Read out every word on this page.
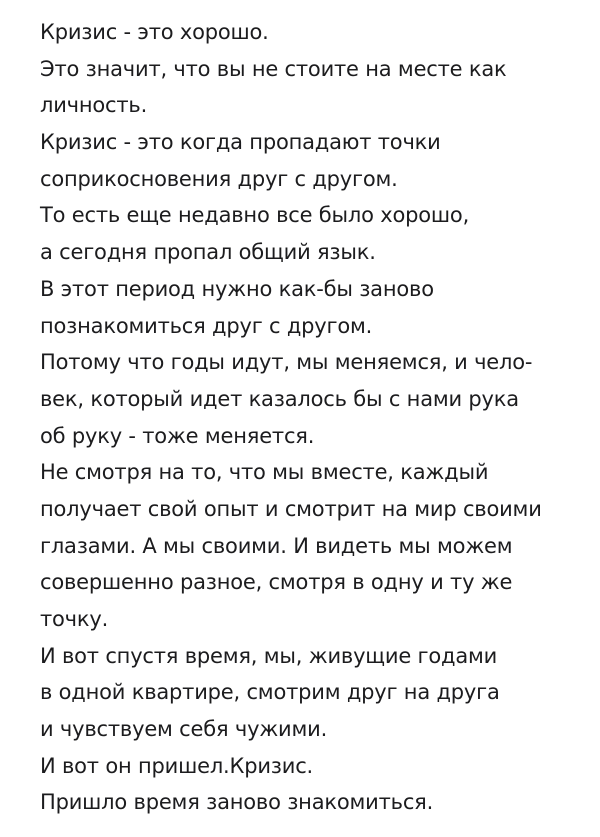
Кризис - это хорошо.
Это значит, что вы не стоите на месте как
личность.
Кризис - это когда пропадают точки
соприкосновения друг с другом.
То есть еще недавно все было хорошо,
а сегодня пропал общий язык.
В этот период нужно как-бы заново
познакомиться друг с другом.
Потому что годы идут, мы меняемся, и чело-
век, который идет казалось бы с нами рука
об руку - тоже меняется.
Не смотря на то, что мы вместе, каждый
получает свой опыт и смотрит на мир своими
глазами. А мы своими. И видеть мы можем
совершенно разное, смотря в одну и ту же
точку.
И вот спустя время, мы, живущие годами
в одной квартире, смотрим друг на друга
и чувствуем себя чужими.
И вот он пришел.Кризис.
Пришло время заново знакомиться.
